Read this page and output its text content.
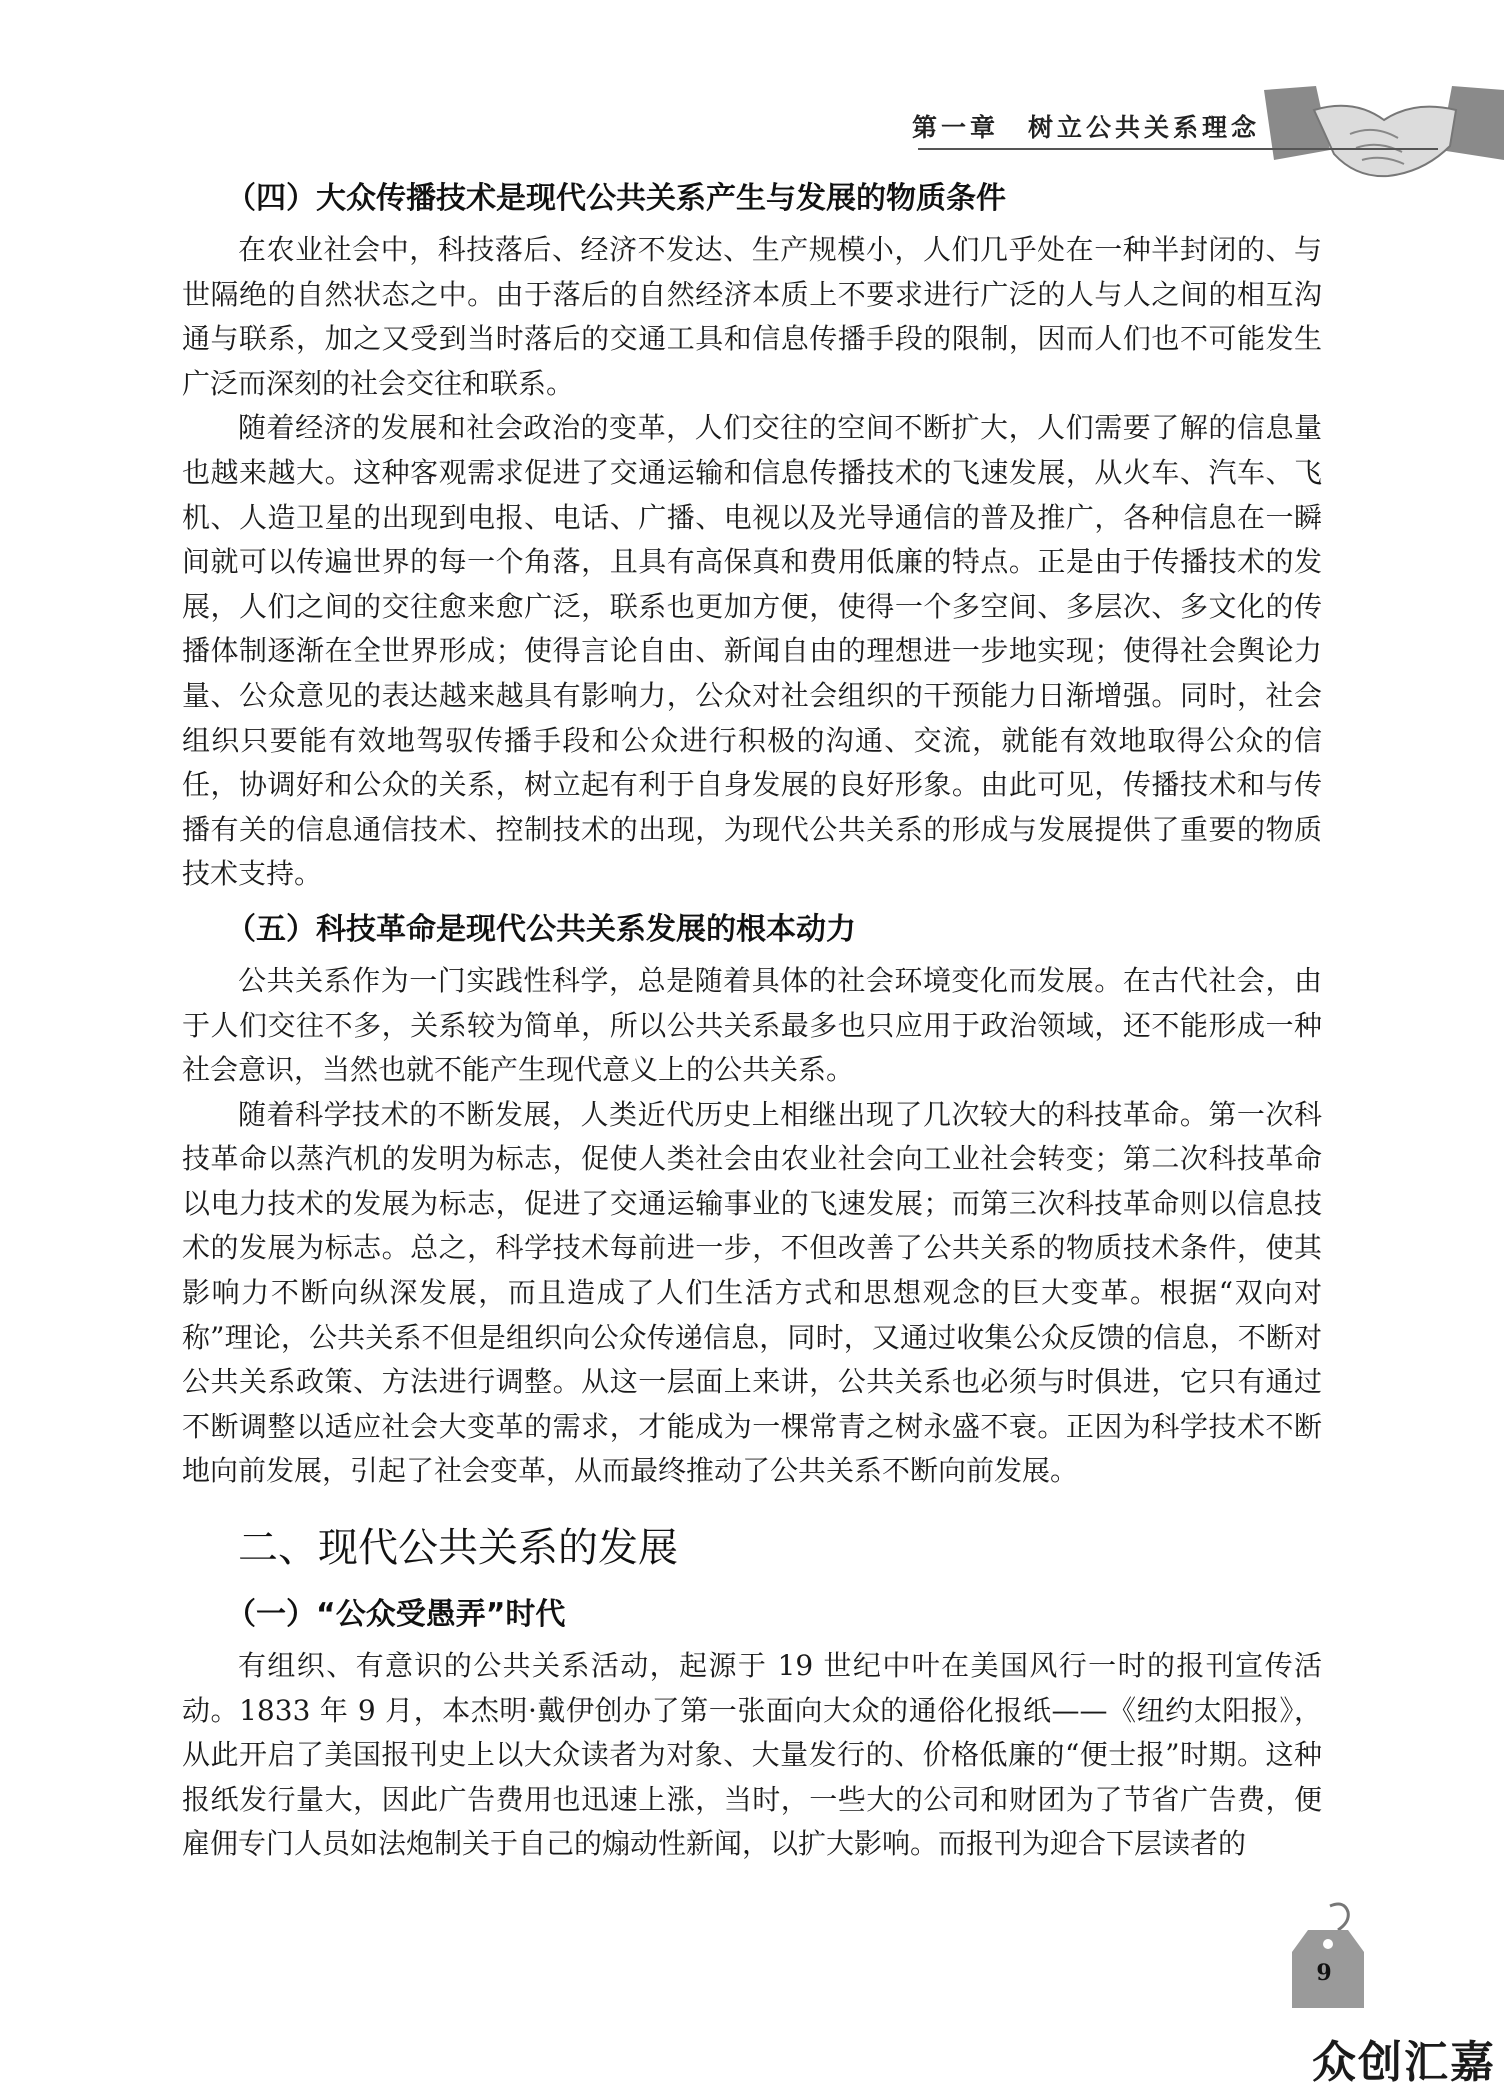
第一章　树立公共关系理念
（四）大众传播技术是现代公共关系产生与发展的物质条件

在农业社会中，科技落后、经济不发达、生产规模小，人们几乎处在一种半封闭的、与世隔绝的自然状态之中。由于落后的自然经济本质上不要求进行广泛的人与人之间的相互沟通与联系，加之又受到当时落后的交通工具和信息传播手段的限制，因而人们也不可能发生广泛而深刻的社会交往和联系。

随着经济的发展和社会政治的变革，人们交往的空间不断扩大，人们需要了解的信息量也越来越大。这种客观需求促进了交通运输和信息传播技术的飞速发展，从火车、汽车、飞机、人造卫星的出现到电报、电话、广播、电视以及光导通信的普及推广，各种信息在一瞬间就可以传遍世界的每一个角落，且具有高保真和费用低廉的特点。正是由于传播技术的发展，人们之间的交往愈来愈广泛，联系也更加方便，使得一个多空间、多层次、多文化的传播体制逐渐在全世界形成；使得言论自由、新闻自由的理想进一步地实现；使得社会舆论力量、公众意见的表达越来越具有影响力，公众对社会组织的干预能力日渐增强。同时，社会组织只要能有效地驾驭传播手段和公众进行积极的沟通、交流，就能有效地取得公众的信任，协调好和公众的关系，树立起有利于自身发展的良好形象。由此可见，传播技术和与传播有关的信息通信技术、控制技术的出现，为现代公共关系的形成与发展提供了重要的物质技术支持。

（五）科技革命是现代公共关系发展的根本动力

公共关系作为一门实践性科学，总是随着具体的社会环境变化而发展。在古代社会，由于人们交往不多，关系较为简单，所以公共关系最多也只应用于政治领域，还不能形成一种社会意识，当然也就不能产生现代意义上的公共关系。

随着科学技术的不断发展，人类近代历史上相继出现了几次较大的科技革命。第一次科技革命以蒸汽机的发明为标志，促使人类社会由农业社会向工业社会转变；第二次科技革命以电力技术的发展为标志，促进了交通运输事业的飞速发展；而第三次科技革命则以信息技术的发展为标志。总之，科学技术每前进一步，不但改善了公共关系的物质技术条件，使其影响力不断向纵深发展，而且造成了人们生活方式和思想观念的巨大变革。根据“双向对称”理论，公共关系不但是组织向公众传递信息，同时，又通过收集公众反馈的信息，不断对公共关系政策、方法进行调整。从这一层面上来讲，公共关系也必须与时俱进，它只有通过不断调整以适应社会大变革的需求，才能成为一棵常青之树永盛不衰。正因为科学技术不断地向前发展，引起了社会变革，从而最终推动了公共关系不断向前发展。

二、现代公共关系的发展
（一）“公众受愚弄”时代

有组织、有意识的公共关系活动，起源于 19 世纪中叶在美国风行一时的报刊宣传活动。1833 年 9 月，本杰明·戴伊创办了第一张面向大众的通俗化报纸——《纽约太阳报》，从此开启了美国报刊史上以大众读者为对象、大量发行的、价格低廉的“便士报”时期。这种报纸发行量大，因此广告费用也迅速上涨，当时，一些大的公司和财团为了节省广告费，便雇佣专门人员如法炮制关于自己的煽动性新闻，以扩大影响。而报刊为迎合下层读者的

9
众创汇嘉
